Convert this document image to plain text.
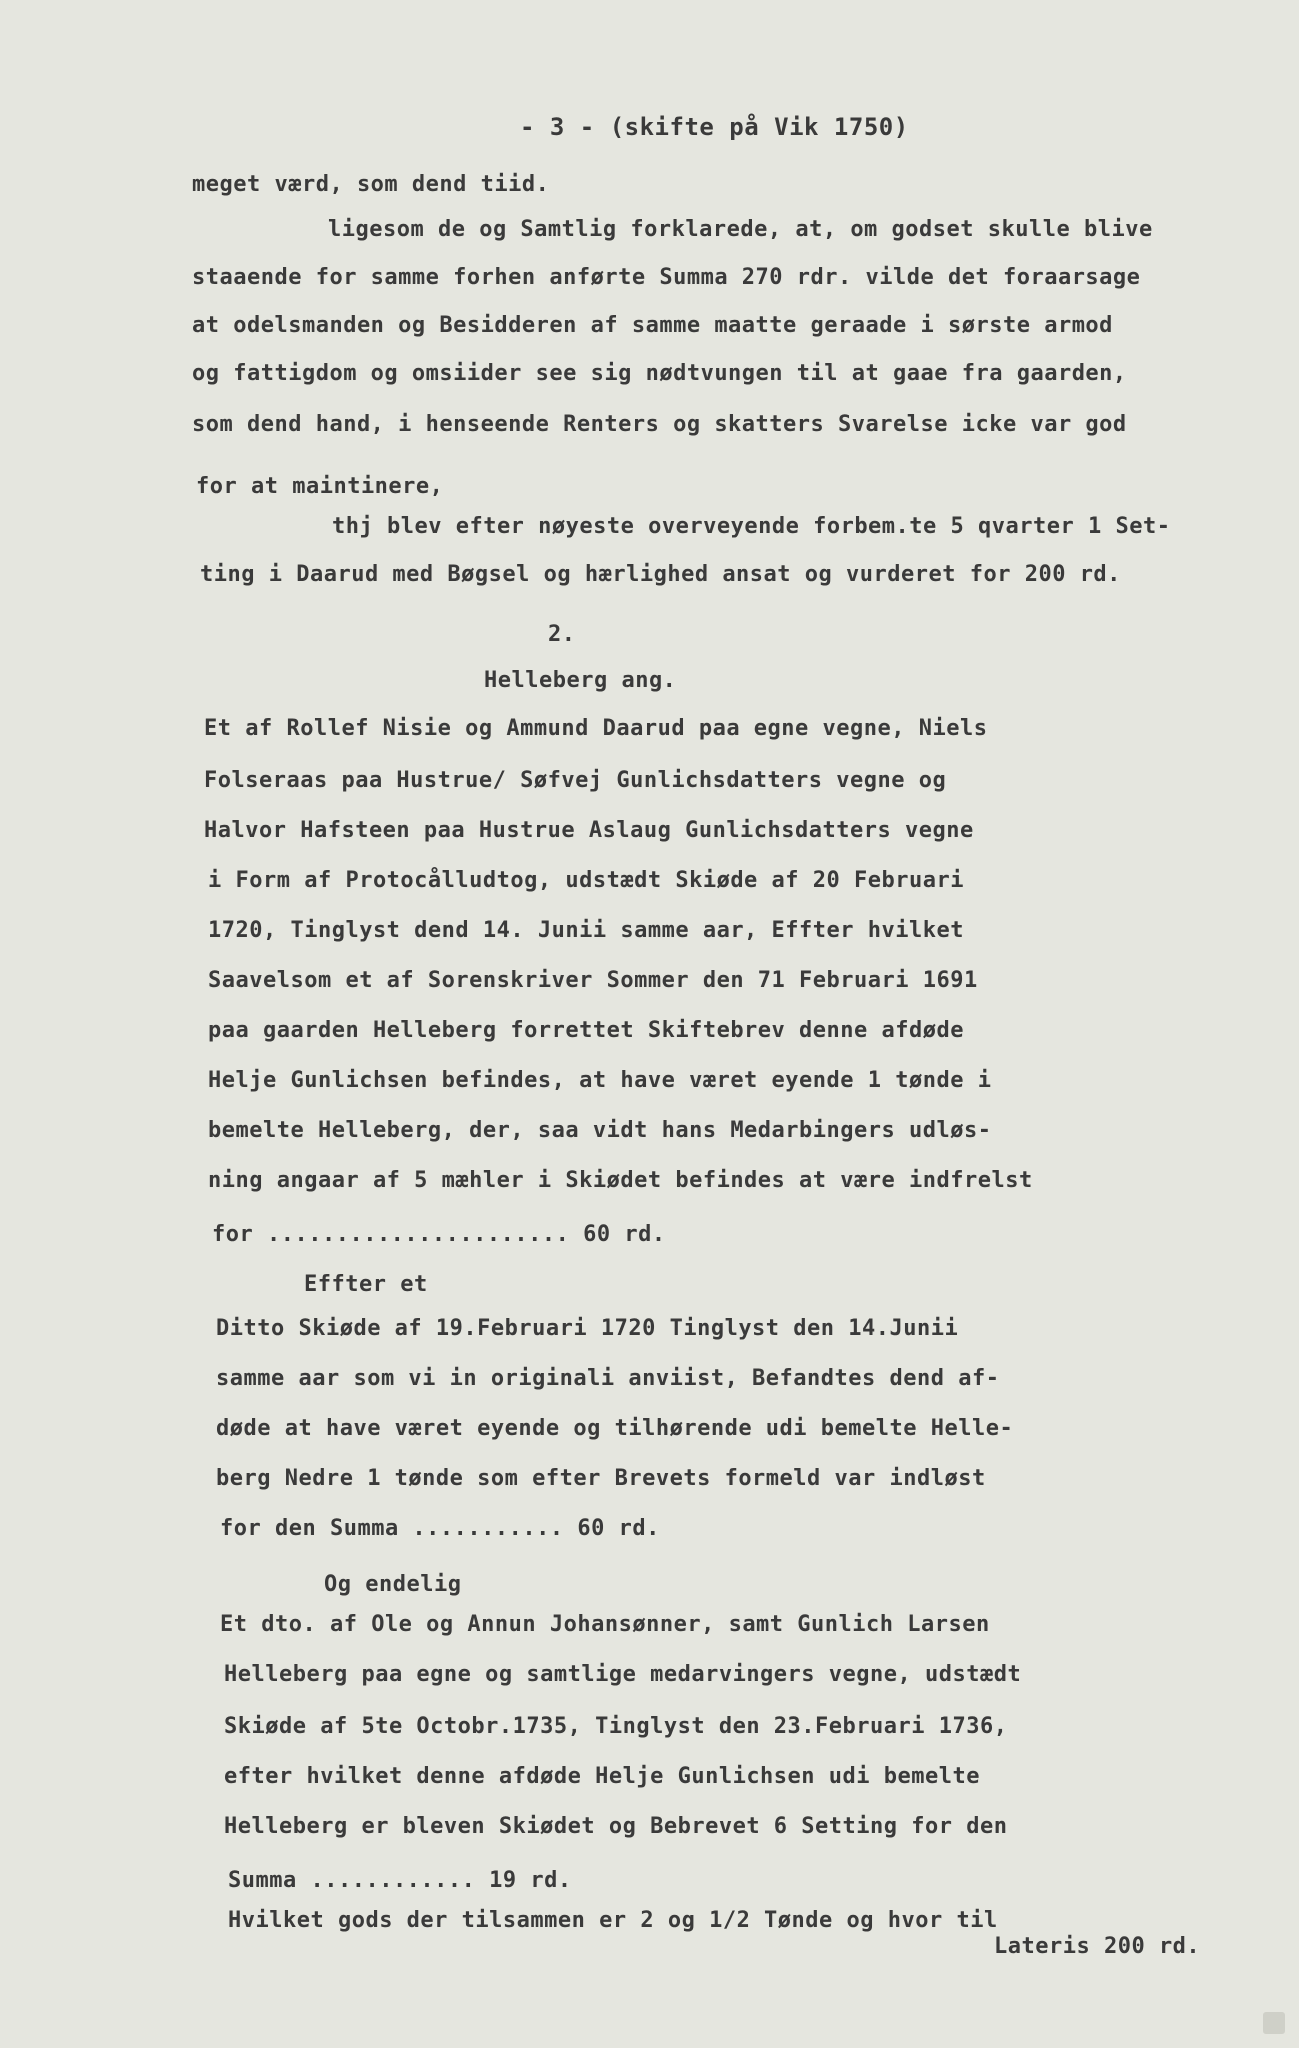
- 3 - (skifte på Vik 1750)
meget værd, som dend tiid.
ligesom de og Samtlig forklarede, at, om godset skulle blive
staaende for samme forhen anførte Summa 270 rdr. vilde det foraarsage
at odelsmanden og Besidderen af samme maatte geraade i sørste armod
og fattigdom og omsiider see sig nødtvungen til at gaae fra gaarden,
som dend hand, i henseende Renters og skatters Svarelse icke var god
for at maintinere,
thj blev efter nøyeste overveyende forbem.te 5 qvarter 1 Set-
ting i Daarud med Bøgsel og hærlighed ansat og vurderet for 200 rd.
2.
Helleberg ang.
Et af Rollef Nisie og Ammund Daarud paa egne vegne, Niels
Folseraas paa Hustrue/ Søfvej Gunlichsdatters vegne og
Halvor Hafsteen paa Hustrue Aslaug Gunlichsdatters vegne
i Form af Protocålludtog, udstædt Skiøde af 20 Februari
1720, Tinglyst dend 14. Junii samme aar, Effter hvilket
Saavelsom et af Sorenskriver Sommer den 71 Februari 1691
paa gaarden Helleberg forrettet Skiftebrev denne afdøde
Helje Gunlichsen befindes, at have været eyende 1 tønde i
bemelte Helleberg, der, saa vidt hans Medarbingers udløs-
ning angaar af 5 mæhler i Skiødet befindes at være indfrelst
for ...................... 60 rd.
Effter et
Ditto Skiøde af 19.Februari 1720 Tinglyst den 14.Junii
samme aar som vi in originali anviist, Befandtes dend af-
døde at have været eyende og tilhørende udi bemelte Helle-
berg Nedre 1 tønde som efter Brevets formeld var indløst
for den Summa ........... 60 rd.
Og endelig
Et dto. af Ole og Annun Johansønner, samt Gunlich Larsen
Helleberg paa egne og samtlige medarvingers vegne, udstædt
Skiøde af 5te Octobr.1735, Tinglyst den 23.Februari 1736,
efter hvilket denne afdøde Helje Gunlichsen udi bemelte
Helleberg er bleven Skiødet og Bebrevet 6 Setting for den
Summa ............ 19 rd.
Hvilket gods der tilsammen er 2 og 1/2 Tønde og hvor til
Lateris 200 rd.
